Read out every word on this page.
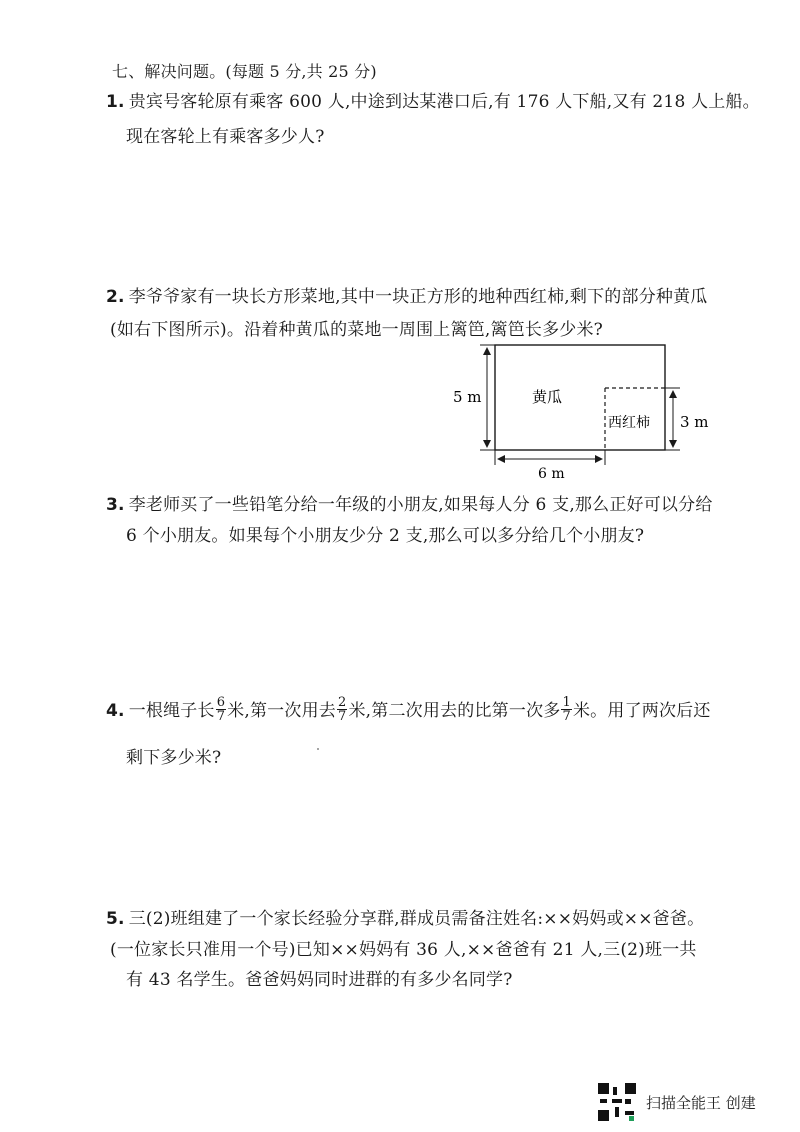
七、解决问题。(每题 5 分,共 25 分)
1. 贵宾号客轮原有乘客 600 人,中途到达某港口后,有 176 人下船,又有 218 人上船。
现在客轮上有乘客多少人?
2. 李爷爷家有一块长方形菜地,其中一块正方形的地种西红柿,剩下的部分种黄瓜
(如右下图所示)。沿着种黄瓜的菜地一周围上篱笆,篱笆长多少米?
5 m
3 m
6 m
黄瓜
西红柿
3. 李老师买了一些铅笔分给一年级的小朋友,如果每人分 6 支,那么正好可以分给
6 个小朋友。如果每个小朋友少分 2 支,那么可以多分给几个小朋友?
4. 一根绳子长 $\frac{6}{7}$ 米,第一次用去 $\frac{2}{7}$ 米,第二次用去的比第一次多 $\frac{1}{7}$ 米。用了两次后还
剩下多少米?
5. 三(2)班组建了一个家长经验分享群,群成员需备注姓名:××妈妈或××爸爸。
(一位家长只准用一个号)已知××妈妈有 36 人,××爸爸有 21 人,三(2)班一共
有 43 名学生。爸爸妈妈同时进群的有多少名同学?
扫描全能王 创建
